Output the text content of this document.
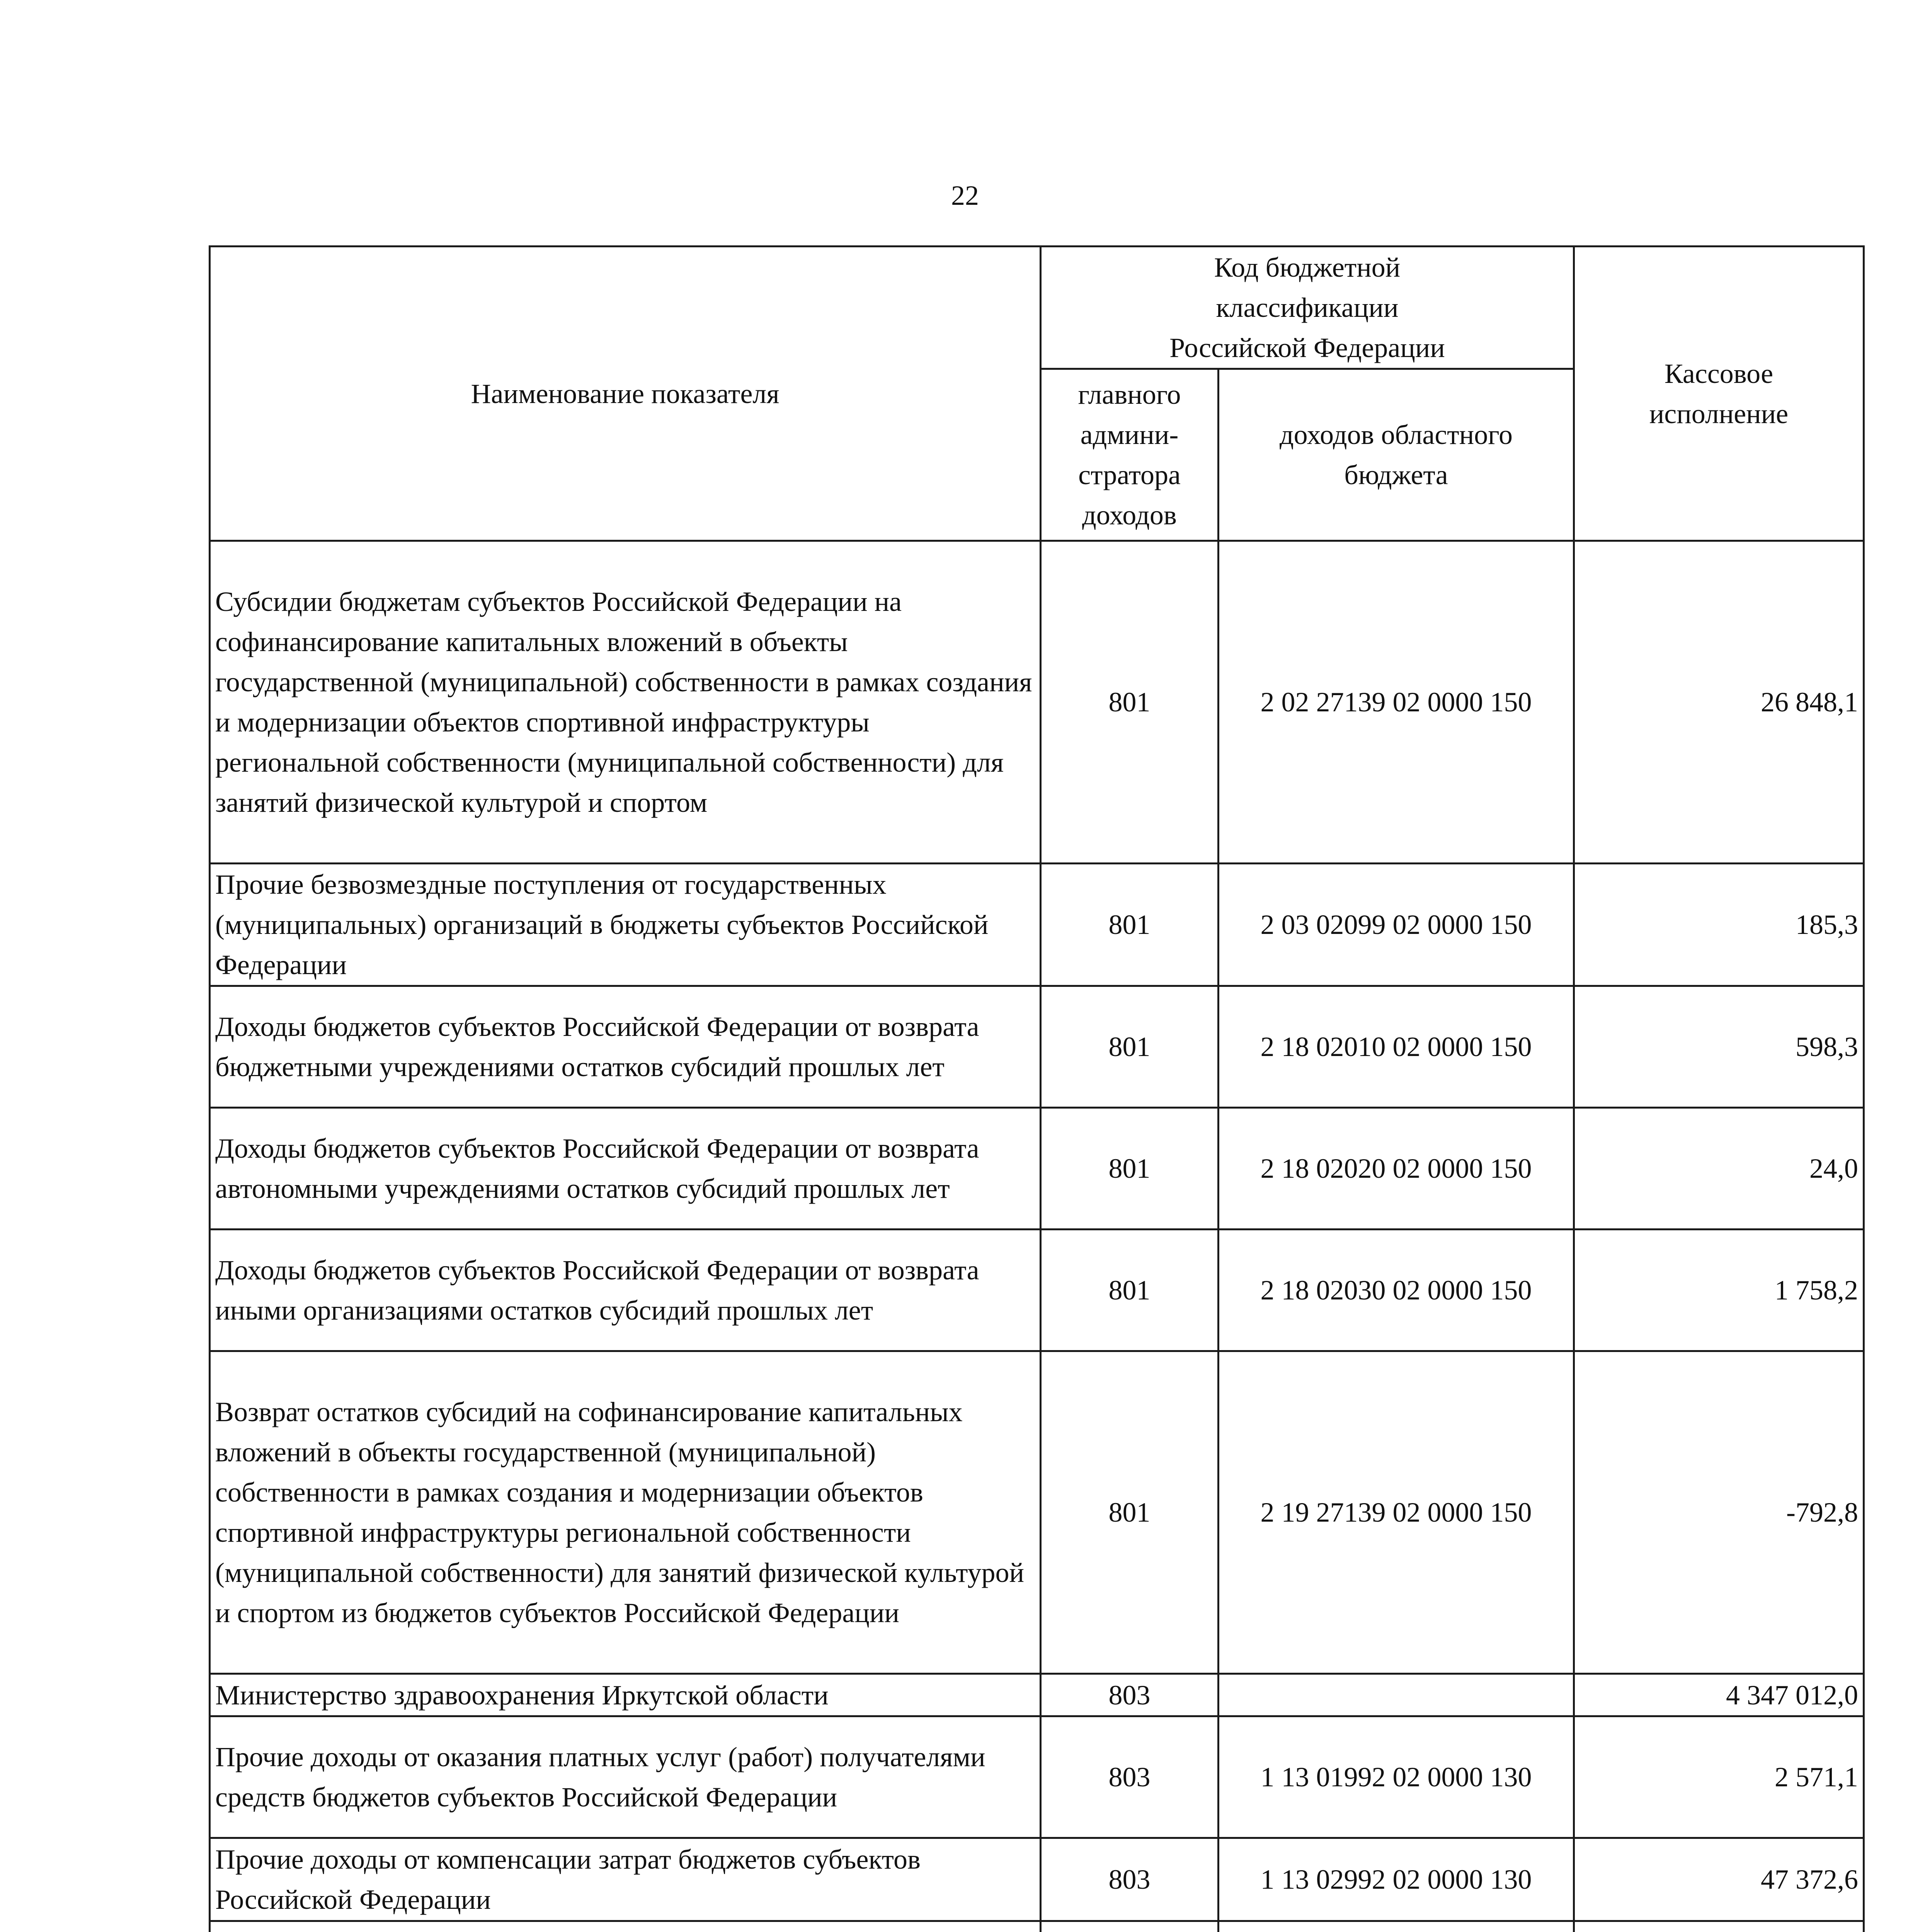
22
Наименование показателя	Код бюджетной классификации Российской Федерации		Кассовое исполнение
	главного админи- стратора доходов	доходов областного бюджета	
Субсидии бюджетам субъектов Российской Федерации на софинансирование капитальных вложений в объекты государственной (муниципальной) собственности в рамках создания и модернизации объектов спортивной инфраструктуры региональной собственности (муниципальной собственности) для занятий физической культурой и спортом	801	2 02 27139 02 0000 150	26 848,1
Прочие безвозмездные поступления от государственных (муниципальных) организаций в бюджеты субъектов Российской Федерации	801	2 03 02099 02 0000 150	185,3
Доходы бюджетов субъектов Российской Федерации от возврата бюджетными учреждениями остатков субсидий прошлых лет	801	2 18 02010 02 0000 150	598,3
Доходы бюджетов субъектов Российской Федерации от возврата автономными учреждениями остатков субсидий прошлых лет	801	2 18 02020 02 0000 150	24,0
Доходы бюджетов субъектов Российской Федерации от возврата иными организациями остатков субсидий прошлых лет	801	2 18 02030 02 0000 150	1 758,2
Возврат остатков субсидий на софинансирование капитальных вложений в объекты государственной (муниципальной) собственности в рамках создания и модернизации объектов спортивной инфраструктуры региональной собственности (муниципальной собственности) для занятий физической культурой и спортом из бюджетов субъектов Российской Федерации	801	2 19 27139 02 0000 150	-792,8
Министерство здравоохранения Иркутской области	803		4 347 012,0
Прочие доходы от оказания платных услуг (работ) получателями средств бюджетов субъектов Российской Федерации	803	1 13 01992 02 0000 130	2 571,1
Прочие доходы от компенсации затрат бюджетов субъектов Российской Федерации	803	1 13 02992 02 0000 130	47 372,6
